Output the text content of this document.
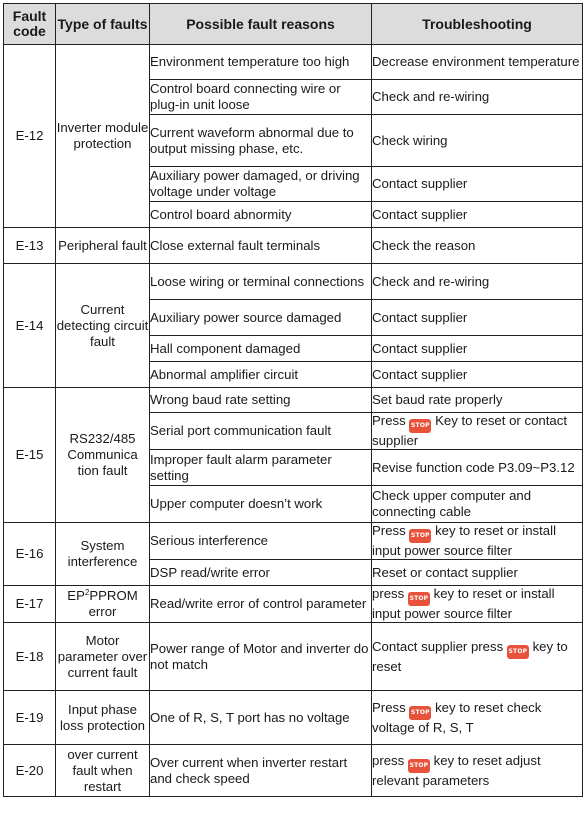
Fault code	Type of faults	Possible fault reasons	Troubleshooting
E-12	Inverter module protection	Environment temperature too high	Decrease environment temperature
		Control board connecting wire or plug-in unit loose	Check and re-wiring
		Current waveform abnormal due to output missing phase, etc.	Check wiring
		Auxiliary power damaged, or driving voltage under voltage	Contact supplier
		Control board abnormity	Contact supplier
E-13	Peripheral fault	Close external fault terminals	Check the reason
E-14	Current detecting circuit fault	Loose wiring or terminal connections	Check and re-wiring
		Auxiliary power source damaged	Contact supplier
		Hall component damaged	Contact supplier
		Abnormal amplifier circuit	Contact supplier
E-15	RS232/485 Communica tion fault	Wrong baud rate setting	Set baud rate properly
		Serial port communication fault	Press STOP Key to reset or contact supplier
		Improper fault alarm parameter setting	Revise function code P3.09~P3.12
		Upper computer doesn’t work	Check upper computer and connecting cable
E-16	System interference	Serious interference	Press STOP key to reset or install input power source filter
		DSP read/write error	Reset or contact supplier
E-17	$EP^2PPROM$ error	Read/write error of control parameter	press STOP key to reset or install input power source filter
E-18	Motor parameter over current fault	Power range of Motor and inverter do not match	Contact supplier press STOP key to reset
E-19	Input phase loss protection	One of R, S, T port has no voltage	Press STOP key to reset check voltage of R, S, T
E-20	over current fault when restart	Over current when inverter restart and check speed	press STOP key to reset adjust relevant parameters
